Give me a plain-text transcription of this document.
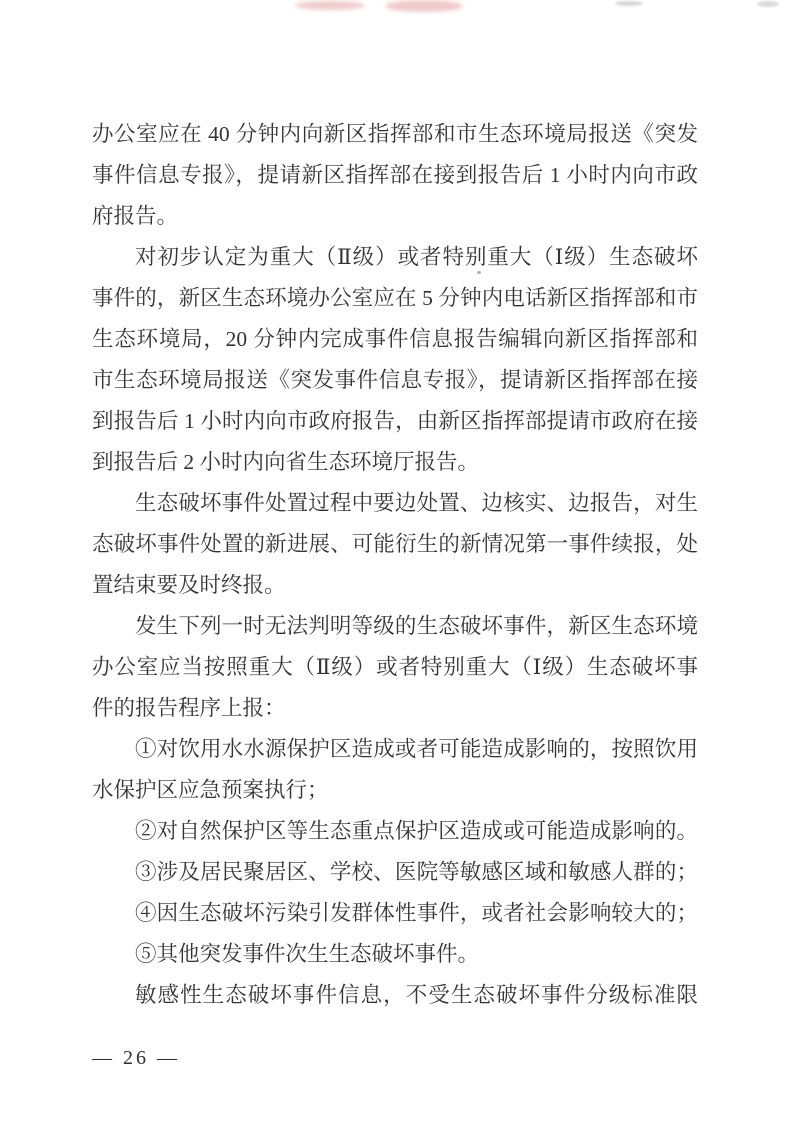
办公室应在 40 分钟内向新区指挥部和市生态环境局报送《突发
事件信息专报》，提请新区指挥部在接到报告后 1 小时内向市政
府报告。
对初步认定为重大（Ⅱ级）或者特别重大（Ⅰ级）生态破坏
事件的，新区生态环境办公室应在 5 分钟内电话新区指挥部和市
生态环境局，20 分钟内完成事件信息报告编辑向新区指挥部和
市生态环境局报送《突发事件信息专报》，提请新区指挥部在接
到报告后 1 小时内向市政府报告，由新区指挥部提请市政府在接
到报告后 2 小时内向省生态环境厅报告。
生态破坏事件处置过程中要边处置、边核实、边报告，对生
态破坏事件处置的新进展、可能衍生的新情况第一事件续报，处
置结束要及时终报。
发生下列一时无法判明等级的生态破坏事件，新区生态环境
办公室应当按照重大（Ⅱ级）或者特别重大（Ⅰ级）生态破坏事
件的报告程序上报：
①对饮用水水源保护区造成或者可能造成影响的，按照饮用
水保护区应急预案执行；
②对自然保护区等生态重点保护区造成或可能造成影响的。
③涉及居民聚居区、学校、医院等敏感区域和敏感人群的；
④因生态破坏污染引发群体性事件，或者社会影响较大的；
⑤其他突发事件次生生态破坏事件。
敏感性生态破坏事件信息，不受生态破坏事件分级标准限
— 26 —
